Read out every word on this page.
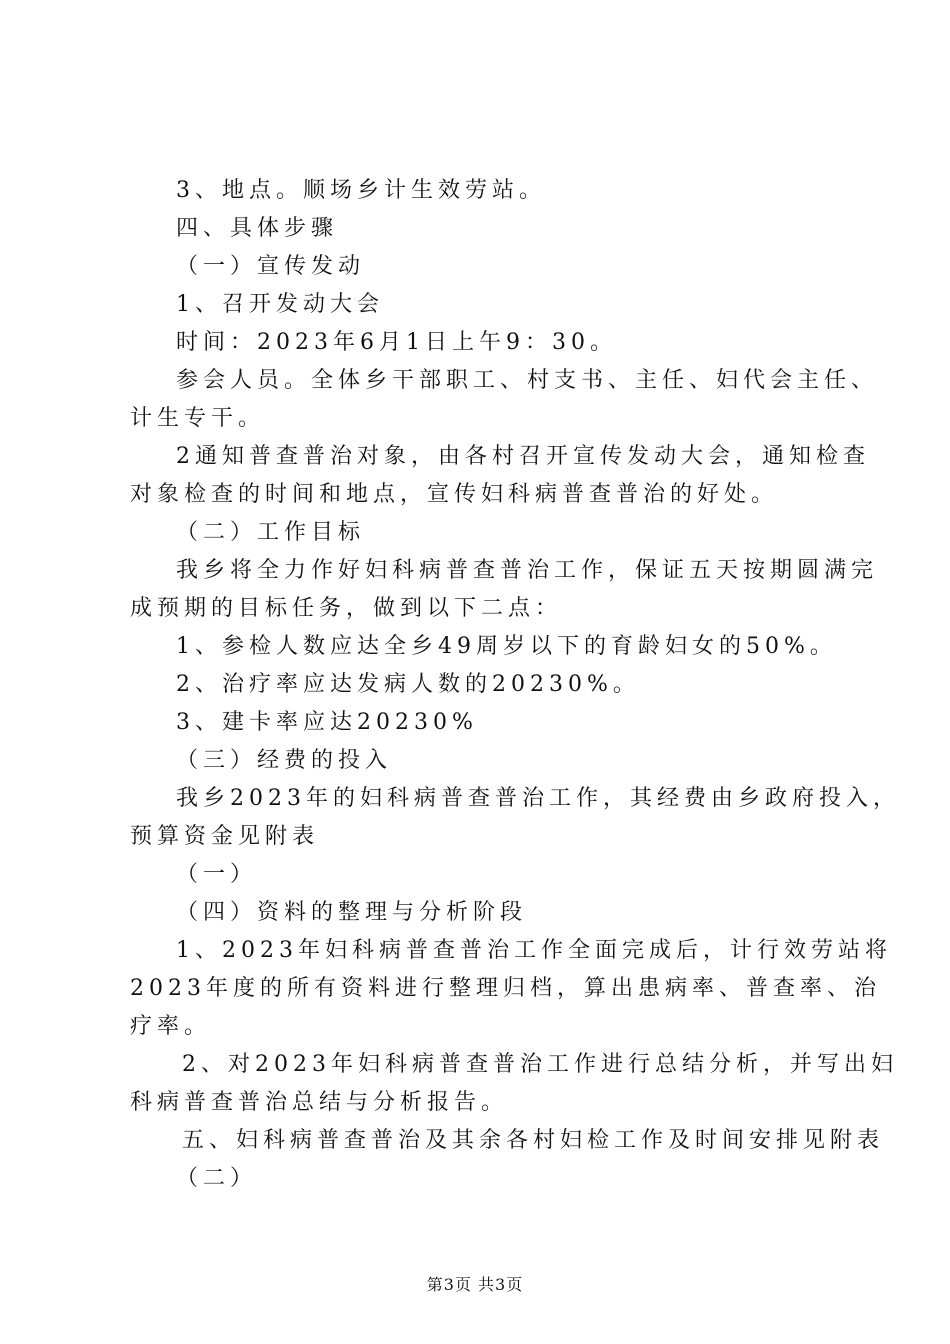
3、地点。顺场乡计生效劳站。
四、具体步骤
（一）宣传发动
1、召开发动大会
时间：2023年6月1日上午9：30。
参会人员。全体乡干部职工、村支书、主任、妇代会主任、
计生专干。
2通知普查普治对象，由各村召开宣传发动大会，通知检查
对象检查的时间和地点，宣传妇科病普查普治的好处。
（二）工作目标
我乡将全力作好妇科病普查普治工作，保证五天按期圆满完
成预期的目标任务，做到以下二点：
1、参检人数应达全乡49周岁以下的育龄妇女的50%。
2、治疗率应达发病人数的20230%。
3、建卡率应达20230%
（三）经费的投入
我乡2023年的妇科病普查普治工作，其经费由乡政府投入，
预算资金见附表
（一）
（四）资料的整理与分析阶段
1、2023年妇科病普查普治工作全面完成后，计行效劳站将
2023年度的所有资料进行整理归档，算出患病率、普查率、治
疗率。
2、对2023年妇科病普查普治工作进行总结分析，并写出妇
科病普查普治总结与分析报告。
五、妇科病普查普治及其余各村妇检工作及时间安排见附表
（二）
第3页 共3页
